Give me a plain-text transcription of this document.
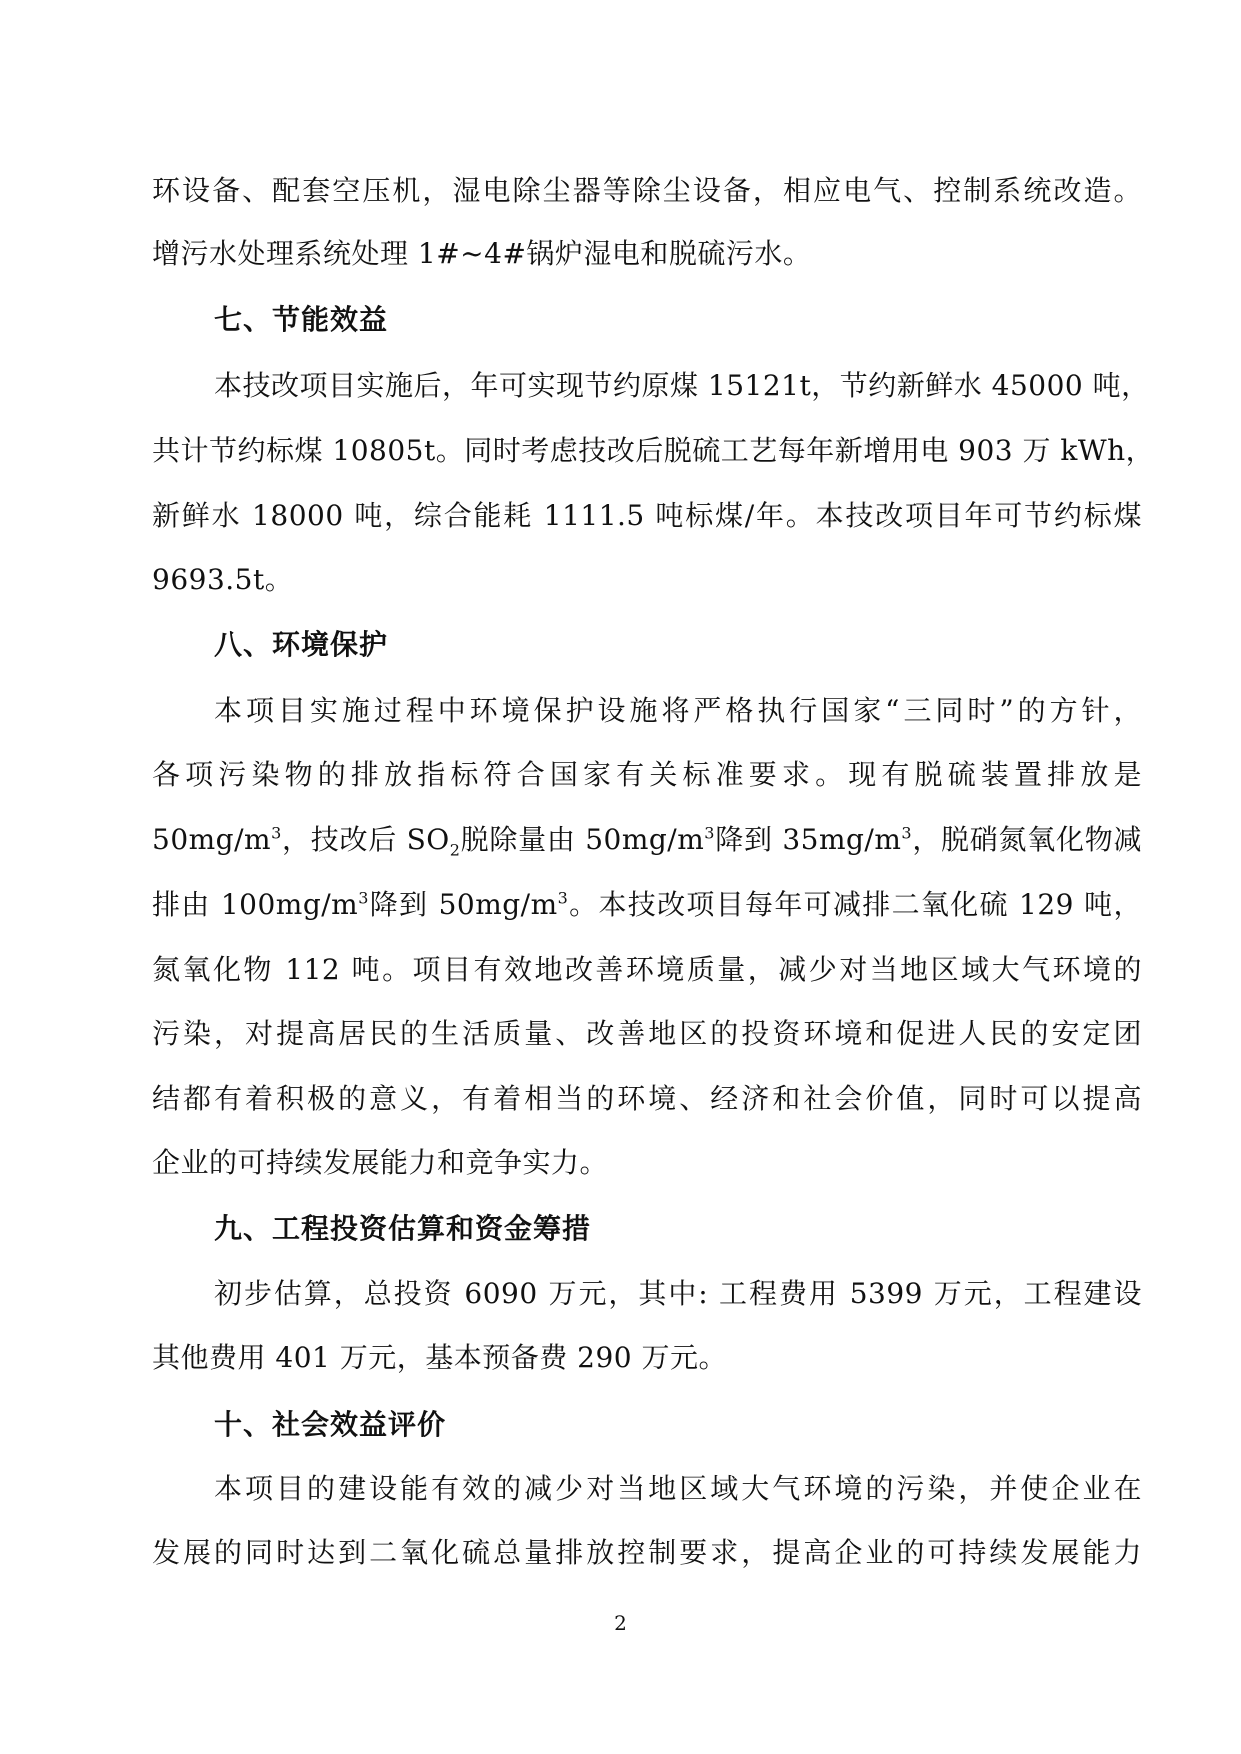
环设备、配套空压机，湿电除尘器等除尘设备，相应电气、控制系统改造。
增污水处理系统处理 1#~4#锅炉湿电和脱硫污水。
七、节能效益
本技改项目实施后，年可实现节约原煤 15121t，节约新鲜水 45000 吨，
共计节约标煤 10805t。同时考虑技改后脱硫工艺每年新增用电 903 万 kWh，
新鲜水 18000 吨，综合能耗 1111.5 吨标煤/年。本技改项目年可节约标煤
9693.5t。
八、环境保护
本项目实施过程中环境保护设施将严格执行国家“三同时”的方针，
各项污染物的排放指标符合国家有关标准要求。现有脱硫装置排放是
$50mg/m^3$，技改后 $SO_2$脱除量由 $50mg/m^3$降到 $35mg/m^3$，脱硝氮氧化物减
排由 $100mg/m^3$降到 $50mg/m^3$。本技改项目每年可减排二氧化硫 129 吨，
氮氧化物 112 吨。项目有效地改善环境质量，减少对当地区域大气环境的
污染，对提高居民的生活质量、改善地区的投资环境和促进人民的安定团
结都有着积极的意义，有着相当的环境、经济和社会价值，同时可以提高
企业的可持续发展能力和竞争实力。
九、工程投资估算和资金筹措
初步估算，总投资 6090 万元，其中: 工程费用 5399 万元，工程建设
其他费用 401 万元，基本预备费 290 万元。
十、社会效益评价
本项目的建设能有效的减少对当地区域大气环境的污染，并使企业在
发展的同时达到二氧化硫总量排放控制要求，提高企业的可持续发展能力
2
